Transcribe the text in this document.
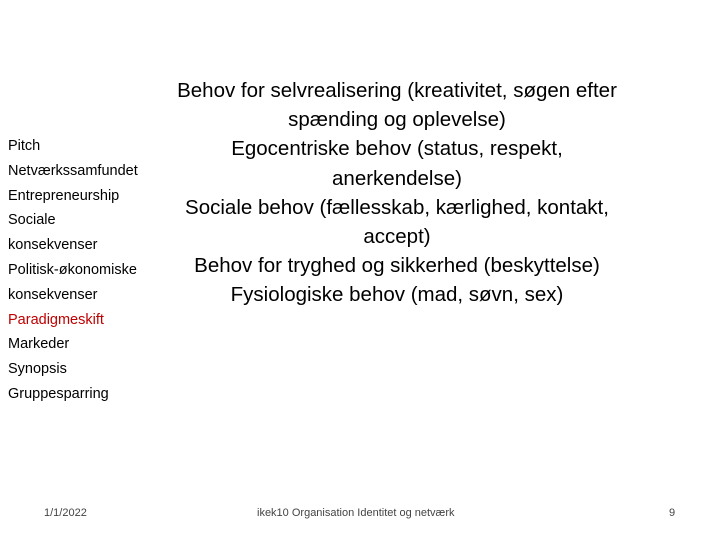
Pitch
Netværkssamfundet
Entrepreneurship
Sociale
konsekvenser
Politisk-økonomiske
konsekvenser
Paradigmeskift
Markeder
Synopsis
Gruppesparring
Behov for selvrealisering (kreativitet, søgen efter spænding og oplevelse)
Egocentriske behov (status, respekt, anerkendelse)
Sociale behov (fællesskab, kærlighed, kontakt, accept)
Behov for tryghed og sikkerhed (beskyttelse)
Fysiologiske behov (mad, søvn, sex)
1/1/2022	ikek10 Organisation Identitet og netværk	9
